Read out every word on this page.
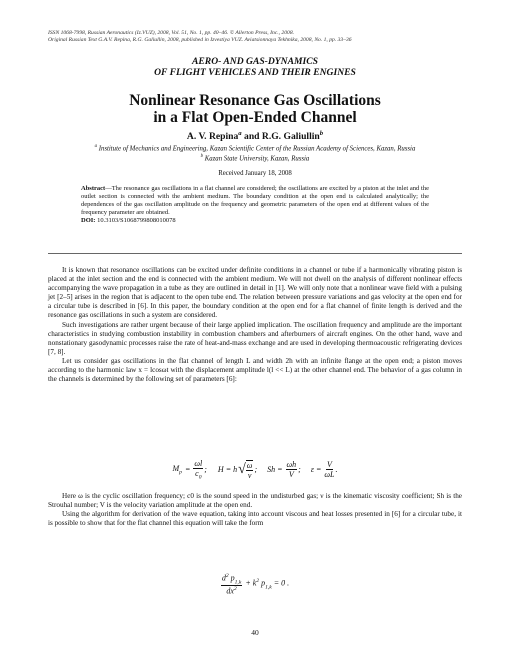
ISSN 1068-7998, Russian Aeronautics (Iz.VUZ), 2008, Vol. 51, No. 1, pp. 40–46. © Allerton Press, Inc., 2008.
Original Russian Text G.A.V. Repina, R.G. Galiullin, 2008, published in Izvestiya VUZ. Aviatsionnaya Tekhnika, 2008, No. 1, pp. 33–36
AERO- AND GAS-DYNAMICS
OF FLIGHT VEHICLES AND THEIR ENGINES
Nonlinear Resonance Gas Oscillations
in a Flat Open-Ended Channel
A. V. Repina$^a$ and R.G. Galiullin$^b$
$^a$ Institute of Mechanics and Engineering, Kazan Scientific Center of the Russian Academy of Sciences, Kazan, Russia
$^b$ Kazan State University, Kazan, Russia
Received January 18, 2008
Abstract—The resonance gas oscillations in a flat channel are considered; the oscillations are excited by a piston at the inlet and the outlet section is connected with the ambient medium. The boundary condition at the open end is calculated analytically; the dependences of the gas oscillation amplitude on the frequency and geometric parameters of the open end at different values of the frequency parameter are obtained.
DOI: 10.3103/S1068799808010078

It is known that resonance oscillations can be excited under definite conditions in a channel or tube if a harmonically vibrating piston is placed at the inlet section and the end is connected with the ambient medium. We will not dwell on the analysis of different nonlinear effects accompanying the wave propagation in a tube as they are outlined in detail in [1]. We will only note that a nonlinear wave field with a pulsing jet [2–5] arises in the region that is adjacent to the open tube end. The relation between pressure variations and gas velocity at the open end for a circular tube is described in [6]. In this paper, the boundary condition at the open end for a flat channel of finite length is derived and the resonance gas oscillations in such a system are considered.

Such investigations are rather urgent because of their large applied implication. The oscillation frequency and amplitude are the important characteristics in studying combustion instability in combustion chambers and afterburners of aircraft engines. On the other hand, wave and nonstationary gasodynamic processes raise the rate of heat-and-mass exchange and are used in developing thermoacoustic refrigerating devices [7, 8].

Let us consider gas oscillations in the flat channel of length L and width 2h with an infinite flange at the open end; a piston moves according to the harmonic law x = lcosωt with the displacement amplitude l(l << L) at the other channel end. The behavior of a gas column in the channels is determined by the following set of parameters [6]:

$M_p = \frac{\omega l}{c_0}$ ; H = h √ ω
ν
;     $Sh = \frac{\omega h}{V}$ ;     $\varepsilon = \frac{V}{\omega L}$ .

Here ω is the cyclic oscillation frequency; c0 is the sound speed in the undisturbed gas; ν is the kinematic viscosity coefficient; Sh is the Strouhal number; V is the velocity variation amplitude at the open end.

Using the algorithm for derivation of the wave equation, taking into account viscous and heat losses presented in [6] for a circular tube, it is possible to show that for the flat channel this equation will take the form

$d^2$ $p_{1,k}$
$dx^2$
+ $k^2$ $p_{1,k} = 0$ .
40
